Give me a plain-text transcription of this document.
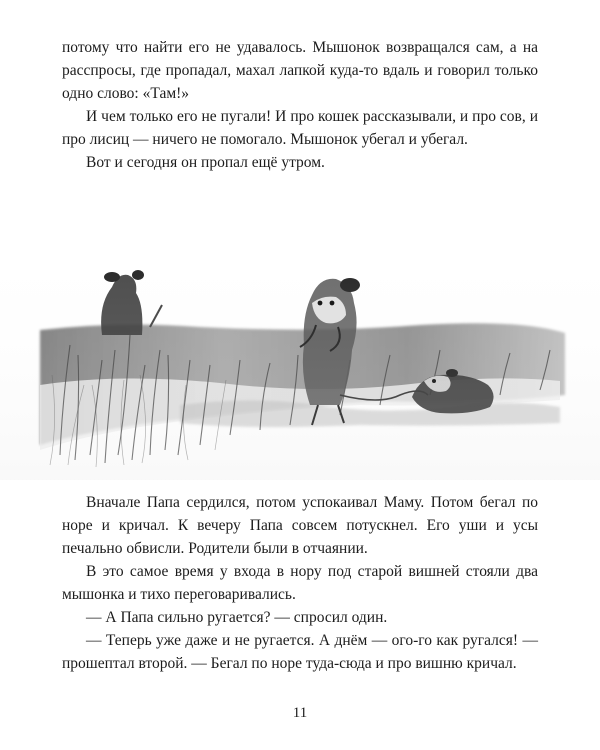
потому что найти его не удавалось. Мышонок возвращался сам, а на расспросы, где пропадал, махал лапкой куда-то вдаль и говорил только одно слово: «Там!»

И чем только его не пугали! И про кошек рассказывали, и про сов, и про лисиц — ничего не помогало. Мышонок убегал и убегал.

Вот и сегодня он пропал ещё утром.

Вначале Папа сердился, потом успокаивал Маму. Потом бегал по норе и кричал. К вечеру Папа совсем потускнел. Его уши и усы печально обвисли. Родители были в отчаянии.

В это самое время у входа в нору под старой вишней стояли два мышонка и тихо переговаривались.

— А Папа сильно ругается? — спросил один.

— Теперь уже даже и не ругается. А днём — ого-го как ругался! — прошептал второй. — Бегал по норе туда-сюда и про вишню кричал.

11
